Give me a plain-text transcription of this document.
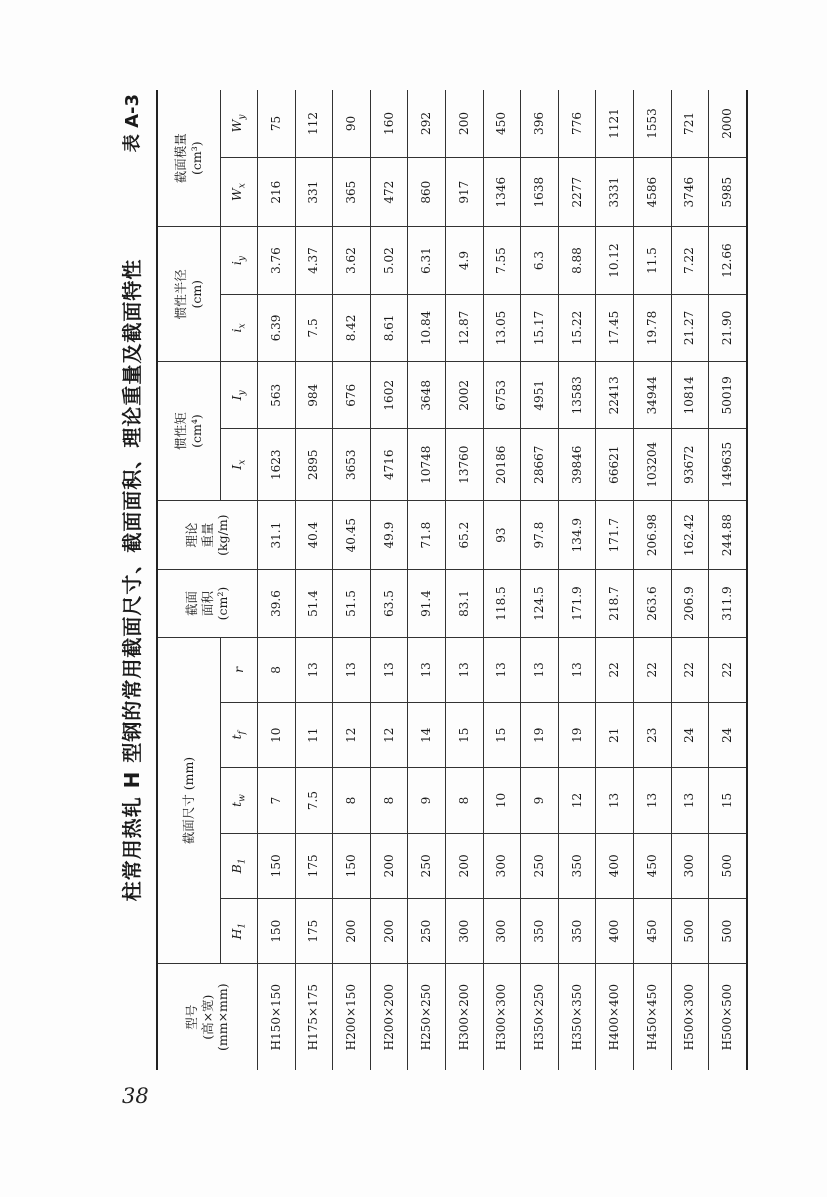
柱常用热轧 H 型钢的常用截面尺寸、截面面积、理论重量及截面特性
表 A-3
型号 (高×宽) (mm×mm)	截面尺寸 (mm)					截面 面积 (cm²)	理论 重量 (kg/m)	惯性矩 (cm⁴)		惯性半径 (cm)		截面模量 (cm³)	

	$H_1$	$B_1$	$t_w$	$t_f$	r			$I_x$	$I_y$	$i_x$	$i_y$	$W_x$	$W_y$
H150×150	150	150	7	10	8	39.6	31.1	1623	563	6.39	3.76	216	75
H175×175	175	175	7.5	11	13	51.4	40.4	2895	984	7.5	4.37	331	112
H200×150	200	150	8	12	13	51.5	40.45	3653	676	8.42	3.62	365	90
H200×200	200	200	8	12	13	63.5	49.9	4716	1602	8.61	5.02	472	160
H250×250	250	250	9	14	13	91.4	71.8	10748	3648	10.84	6.31	860	292
H300×200	300	200	8	15	13	83.1	65.2	13760	2002	12.87	4.9	917	200
H300×300	300	300	10	15	13	118.5	93	20186	6753	13.05	7.55	1346	450
H350×250	350	250	9	19	13	124.5	97.8	28667	4951	15.17	6.3	1638	396
H350×350	350	350	12	19	13	171.9	134.9	39846	13583	15.22	8.88	2277	776
H400×400	400	400	13	21	22	218.7	171.7	66621	22413	17.45	10.12	3331	1121
H450×450	450	450	13	23	22	263.6	206.98	103204	34944	19.78	11.5	4586	1553
H500×300	500	300	13	24	22	206.9	162.42	93672	10814	21.27	7.22	3746	721
H500×500	500	500	15	24	22	311.9	244.88	149635	50019	21.90	12.66	5985	2000
38
